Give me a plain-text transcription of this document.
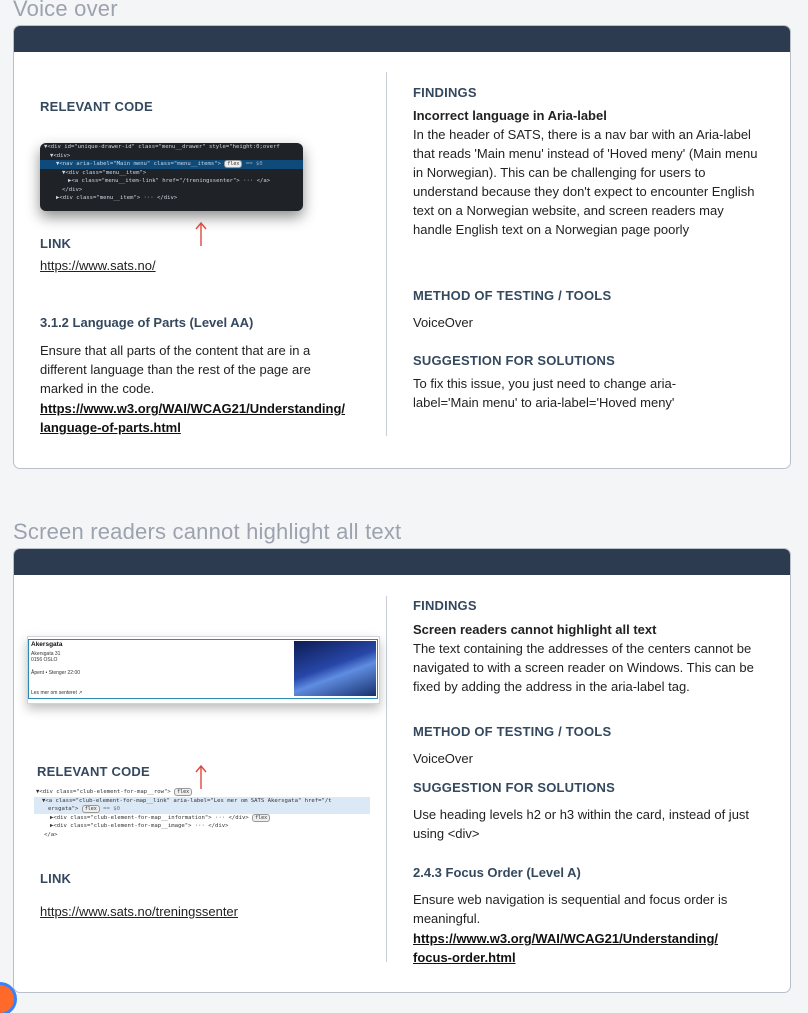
Voice over
RELEVANT CODE
▼<div id="unique-drawer-id" class="menu__drawer" style="height:0;overf
▼<div>
▼<nav aria-label="Main menu" class="menu__items"> flex == $0
▼<div class="menu__item">
▶<a class="menu__item-link" href="/treningssenter"> ··· </a>
</div>
▶<div class="menu__item"> ··· </div>
LINK
https://www.sats.no/
3.1.2 Language of Parts (Level AA)
Ensure that all parts of the content that are in a different language than the rest of the page are marked in the code.
https://www.w3.org/WAI/WCAG21/Understanding/
language-of-parts.html
FINDINGS
Incorrect language in Aria-label
In the header of SATS, there is a nav bar with an Aria-label that reads 'Main menu' instead of 'Hoved meny' (Main menu in Norwegian). This can be challenging for users to understand because they don't expect to encounter English text on a Norwegian website, and screen readers may handle English text on a Norwegian page poorly
METHOD OF TESTING / TOOLS
VoiceOver
SUGGESTION FOR SOLUTIONS
To fix this issue, you just need to change aria-label='Main menu' to aria-label='Hoved meny'
Screen readers cannot highlight all text
Akersgata
Akersgata 31
0156 OSLO
Åpent • Stenger 22:00
Les mer om senteret ↗
RELEVANT CODE
▼<div class="club-element-for-map__row"> flex
▼<a class="club-element-for-map__link" aria-label="Les mer om SATS Akersgata" href="/t
ersgata"> flex == $0
▶<div class="club-element-for-map__information"> ··· </div> flex
▶<div class="club-element-for-map__image"> ··· </div>
</a>
LINK
https://www.sats.no/treningssenter
FINDINGS
Screen readers cannot highlight all text
The text containing the addresses of the centers cannot be navigated to with a screen reader on Windows. This can be fixed by adding the address in the aria-label tag.
METHOD OF TESTING / TOOLS
VoiceOver
SUGGESTION FOR SOLUTIONS
Use heading levels h2 or h3 within the card, instead of just using <div>
2.4.3 Focus Order (Level A)
Ensure web navigation is sequential and focus order is meaningful.
https://www.w3.org/WAI/WCAG21/Understanding/
focus-order.html
